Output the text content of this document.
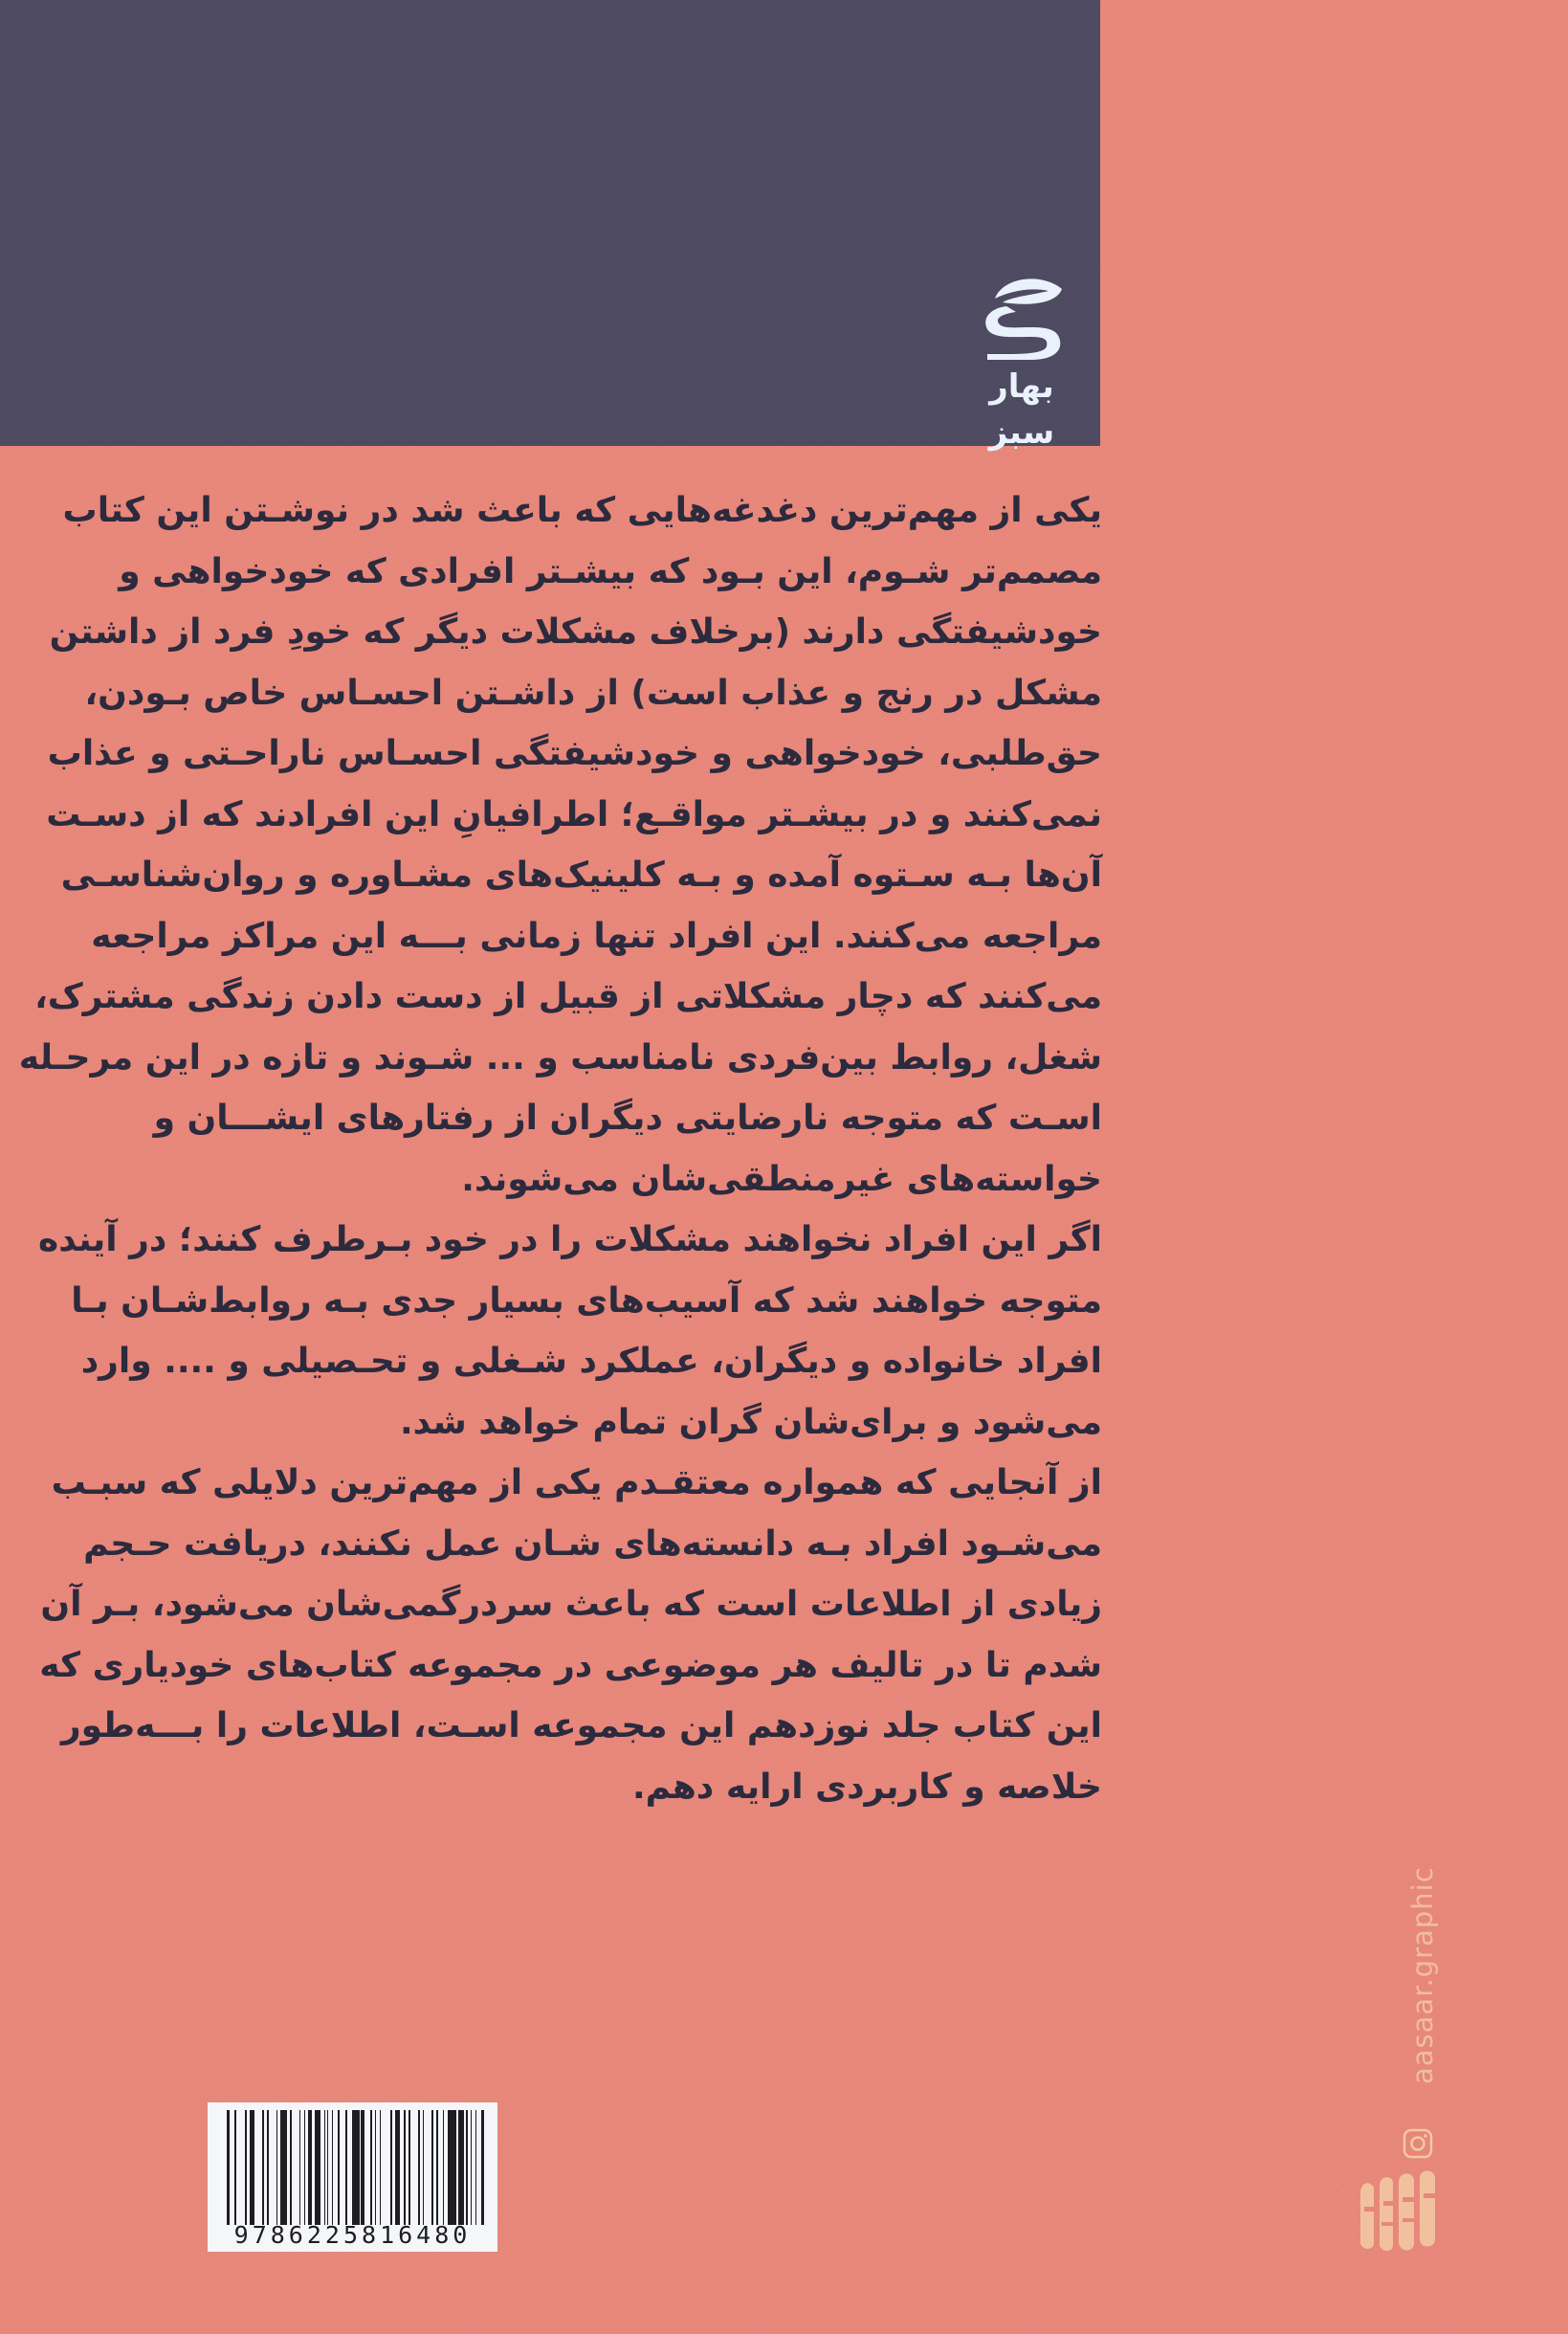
بهار سبز
یکی از مهم‌ترین دغدغه‌هایی که باعث شد در نوشـتن این کتاب
مصمم‌تر شـوم، این بـود که بیشـتر افرادی که خودخواهی و
خودشیفتگی دارند (برخلاف مشکلات دیگر که خودِ فرد از داشتن
مشکل در رنج و عذاب است) از داشـتن احسـاس خاص بـودن،
حق‌طلبی، خودخواهی و خودشیفتگی احسـاس ناراحـتی و عذاب
نمی‌کنند و در بیشـتر مواقـع؛ اطرافیانِ این افرادند که از دسـت
آن‌ها بـه سـتوه آمده و بـه کلینیک‌های مشـاوره و روان‌شناسـی
مراجعه می‌کنند. این افراد تنها زمانی بـــه این مراکز مراجعه
می‌کنند که دچار مشکلاتی از قبیل از دست دادن زندگی مشترک،
شغل، روابط بین‌فردی نامناسب و ... شـوند و تازه در این مرحـله
اسـت که متوجه نارضایتی دیگران از رفتارهای ایشـــان و
خواسته‌های غیرمنطقی‌شان می‌شوند.
اگر این افراد نخواهند مشکلات را در خود بـرطرف کنند؛ در آینده
متوجه خواهند شد که آسیب‌های بسیار جدی بـه روابط‌شـان بـا
افراد خانواده و دیگران، عملکرد شـغلی و تحـصیلی و .... وارد
می‌شود و برای‌شان گران تمام خواهد شد.
از آنجایی که همواره معتقـدم یکی از مهم‌ترین دلایلی که سبـب
می‌شـود افراد بـه دانسته‌های شـان عمل نکنند، دریافت حـجم
زیادی از اطلاعات است که باعث سردرگمی‌شان می‌شود، بـر آن
شدم تا در تالیف هر موضوعی در مجموعه کتاب‌های خودیاری که
این کتاب جلد نوزدهم این مجموعه اسـت، اطلاعات را بـــه‌طور
خلاصه و کاربردی ارایه دهم.
9786225816480
aasaar.graphic
